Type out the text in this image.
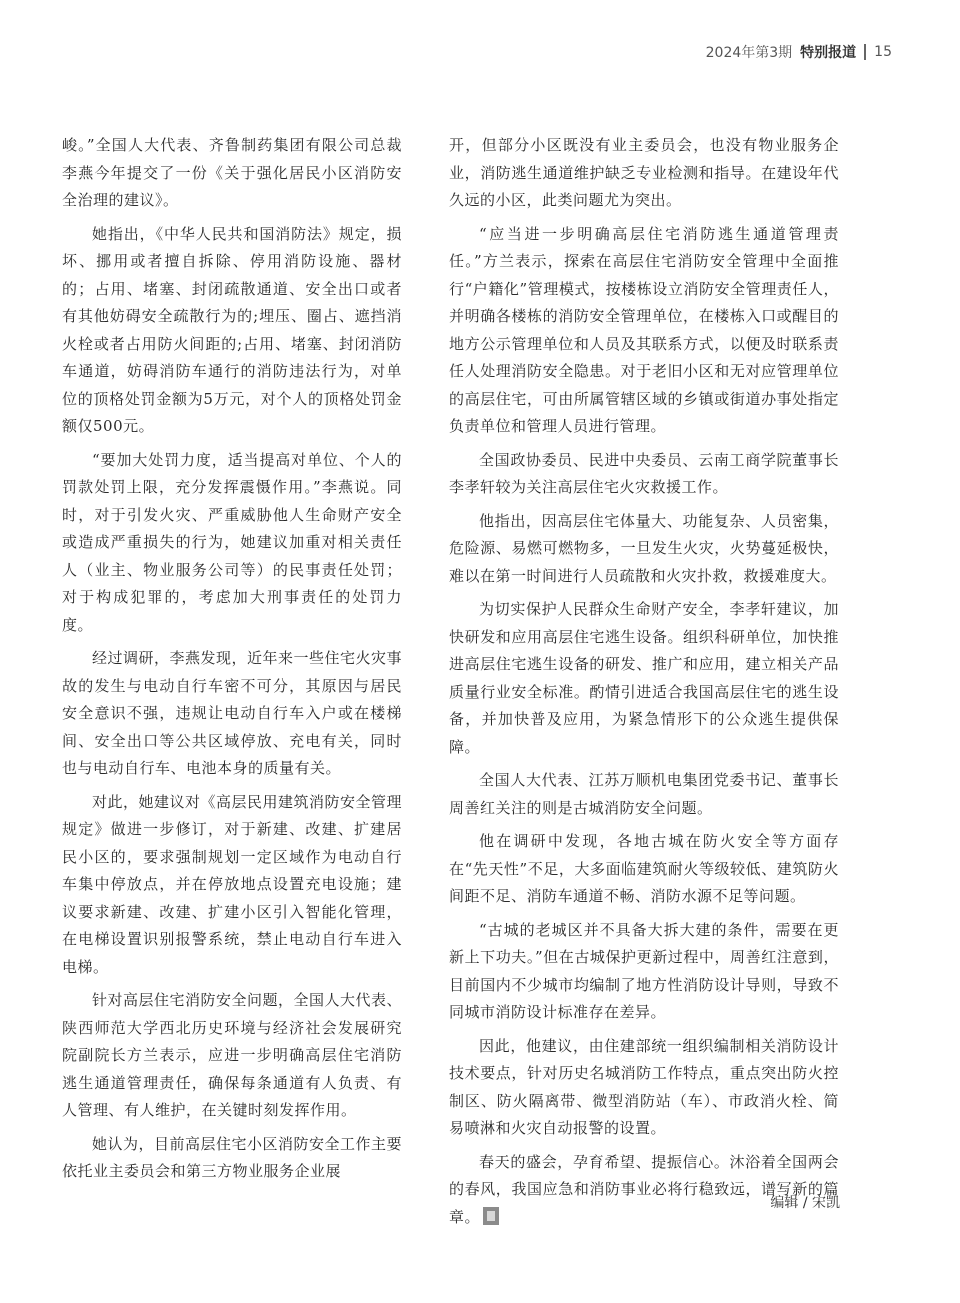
2024年第3期 特别报道 15

峻。”全国人大代表、齐鲁制药集团有限公司总裁李燕今年提交了一份《关于强化居民小区消防安全治理的建议》。

她指出，《中华人民共和国消防法》规定，损坏、挪用或者擅自拆除、停用消防设施、器材的；占用、堵塞、封闭疏散通道、安全出口或者有其他妨碍安全疏散行为的;埋压、圈占、遮挡消火栓或者占用防火间距的;占用、堵塞、封闭消防车通道，妨碍消防车通行的消防违法行为，对单位的顶格处罚金额为5万元，对个人的顶格处罚金额仅500元。

“要加大处罚力度，适当提高对单位、个人的罚款处罚上限，充分发挥震慑作用。”李燕说。同时，对于引发火灾、严重威胁他人生命财产安全或造成严重损失的行为，她建议加重对相关责任人（业主、物业服务公司等）的民事责任处罚；对于构成犯罪的，考虑加大刑事责任的处罚力度。

经过调研，李燕发现，近年来一些住宅火灾事故的发生与电动自行车密不可分，其原因与居民安全意识不强，违规让电动自行车入户或在楼梯间、安全出口等公共区域停放、充电有关，同时也与电动自行车、电池本身的质量有关。

对此，她建议对《高层民用建筑消防安全管理规定》做进一步修订，对于新建、改建、扩建居民小区的，要求强制规划一定区域作为电动自行车集中停放点，并在停放地点设置充电设施；建议要求新建、改建、扩建小区引入智能化管理，在电梯设置识别报警系统，禁止电动自行车进入电梯。

针对高层住宅消防安全问题，全国人大代表、陕西师范大学西北历史环境与经济社会发展研究院副院长方兰表示，应进一步明确高层住宅消防逃生通道管理责任，确保每条通道有人负责、有人管理、有人维护，在关键时刻发挥作用。

她认为，目前高层住宅小区消防安全工作主要依托业主委员会和第三方物业服务企业展

开，但部分小区既没有业主委员会，也没有物业服务企业，消防逃生通道维护缺乏专业检测和指导。在建设年代久远的小区，此类问题尤为突出。

“应当进一步明确高层住宅消防逃生通道管理责任。”方兰表示，探索在高层住宅消防安全管理中全面推行“户籍化”管理模式，按楼栋设立消防安全管理责任人，并明确各楼栋的消防安全管理单位，在楼栋入口或醒目的地方公示管理单位和人员及其联系方式，以便及时联系责任人处理消防安全隐患。对于老旧小区和无对应管理单位的高层住宅，可由所属管辖区域的乡镇或街道办事处指定负责单位和管理人员进行管理。

全国政协委员、民进中央委员、云南工商学院董事长李孝轩较为关注高层住宅火灾救援工作。

他指出，因高层住宅体量大、功能复杂、人员密集，危险源、易燃可燃物多，一旦发生火灾，火势蔓延极快，难以在第一时间进行人员疏散和火灾扑救，救援难度大。

为切实保护人民群众生命财产安全，李孝轩建议，加快研发和应用高层住宅逃生设备。组织科研单位，加快推进高层住宅逃生设备的研发、推广和应用，建立相关产品质量行业安全标准。酌情引进适合我国高层住宅的逃生设备，并加快普及应用，为紧急情形下的公众逃生提供保障。

全国人大代表、江苏万顺机电集团党委书记、董事长周善红关注的则是古城消防安全问题。

他在调研中发现，各地古城在防火安全等方面存在“先天性”不足，大多面临建筑耐火等级较低、建筑防火间距不足、消防车通道不畅、消防水源不足等问题。

“古城的老城区并不具备大拆大建的条件，需要在更新上下功夫。”但在古城保护更新过程中，周善红注意到，目前国内不少城市均编制了地方性消防设计导则，导致不同城市消防设计标准存在差异。

因此，他建议，由住建部统一组织编制相关消防设计技术要点，针对历史名城消防工作特点，重点突出防火控制区、防火隔离带、微型消防站（车）、市政消火栓、简易喷淋和火灾自动报警的设置。

春天的盛会，孕育希望、提振信心。沐浴着全国两会的春风，我国应急和消防事业必将行稳致远，谱写新的篇章。

编辑 / 宋凯
